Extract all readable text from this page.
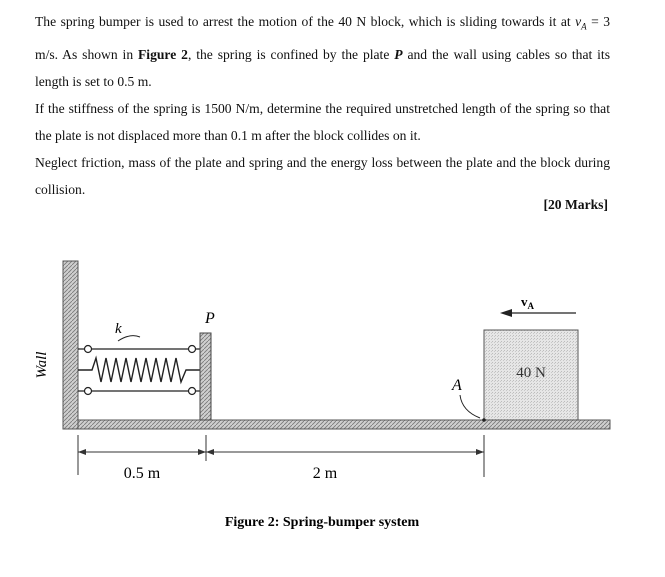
The spring bumper is used to arrest the motion of the 40 N block, which is sliding towards it at $v_A = 3$ m/s. As shown in Figure 2, the spring is confined by the plate P and the wall using cables so that its length is set to 0.5 m.

If the stiffness of the spring is 1500 N/m, determine the required unstretched length of the spring so that the plate is not displaced more than 0.1 m after the block collides on it.

Neglect friction, mass of the plate and spring and the energy loss between the plate and the block during collision.

[20 Marks]
Wall
k
P
$v_A$
40 N
A
0.5 m	2 m
Figure 2: Spring-bumper system
